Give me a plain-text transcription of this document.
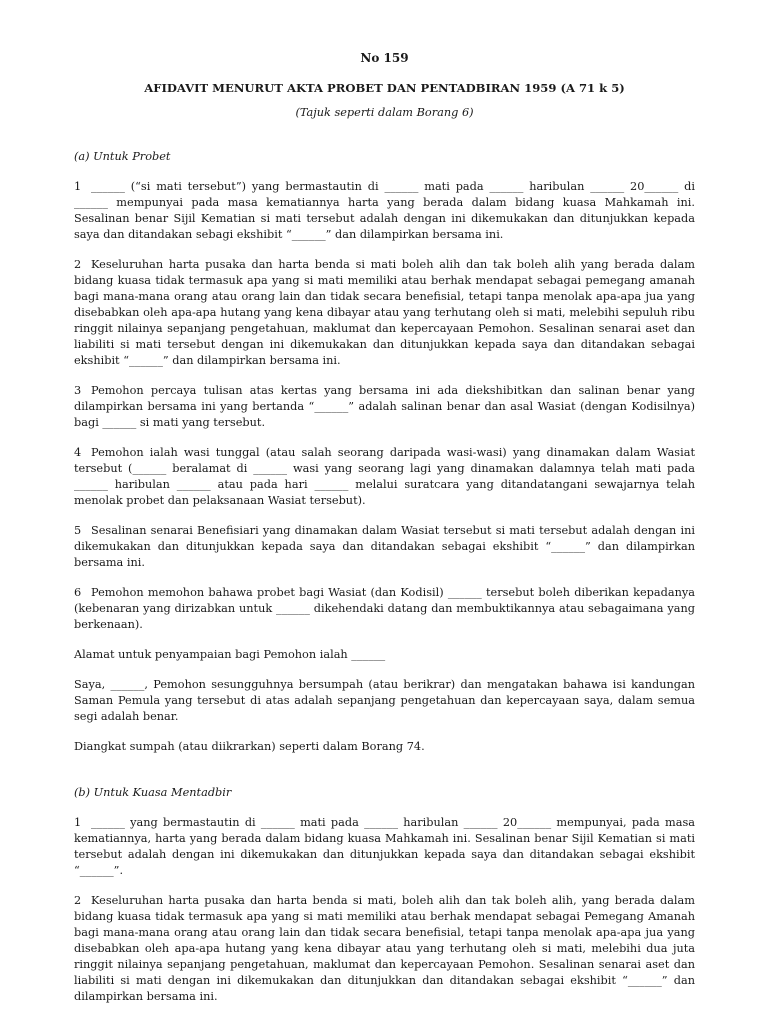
No 159

AFIDAVIT MENURUT AKTA PROBET DAN PENTADBIRAN 1959 (A 71 k 5)

(Tajuk seperti dalam Borang 6)

(a) Untuk Probet

1 ______ (“si mati tersebut”) yang bermastautin di ______ mati pada ______ haribulan ______ 20______ di ______ mempunyai pada masa kematiannya harta yang berada dalam bidang kuasa Mahkamah ini. Sesalinan benar Sijil Kematian si mati tersebut adalah dengan ini dikemukakan dan ditunjukkan kepada saya dan ditandakan sebagi ekshibit “______” dan dilampirkan bersama ini.

2 Keseluruhan harta pusaka dan harta benda si mati boleh alih dan tak boleh alih yang berada dalam bidang kuasa tidak termasuk apa yang si mati memiliki atau berhak mendapat sebagai pemegang amanah bagi mana-mana orang atau orang lain dan tidak secara benefisial, tetapi tanpa menolak apa-apa jua yang disebabkan oleh apa-apa hutang yang kena dibayar atau yang terhutang oleh si mati, melebihi sepuluh ribu ringgit nilainya sepanjang pengetahuan, maklumat dan kepercayaan Pemohon. Sesalinan senarai aset dan liabiliti si mati tersebut dengan ini dikemukakan dan ditunjukkan kepada saya dan ditandakan sebagai ekshibit “______” dan dilampirkan bersama ini.

3 Pemohon percaya tulisan atas kertas yang bersama ini ada diekshibitkan dan salinan benar yang dilampirkan bersama ini yang bertanda “______” adalah salinan benar dan asal Wasiat (dengan Kodisilnya) bagi ______ si mati yang tersebut.

4 Pemohon ialah wasi tunggal (atau salah seorang daripada wasi-wasi) yang dinamakan dalam Wasiat tersebut (______ beralamat di ______ wasi yang seorang lagi yang dinamakan dalamnya telah mati pada ______ haribulan ______ atau pada hari ______ melalui suratcara yang ditandatangani sewajarnya telah menolak probet dan pelaksanaan Wasiat tersebut).

5 Sesalinan senarai Benefisiari yang dinamakan dalam Wasiat tersebut si mati tersebut adalah dengan ini dikemukakan dan ditunjukkan kepada saya dan ditandakan sebagai ekshibit “______” dan dilampirkan bersama ini.

6 Pemohon memohon bahawa probet bagi Wasiat (dan Kodisil) ______ tersebut boleh diberikan kepadanya (kebenaran yang dirizabkan untuk ______ dikehendaki datang dan membuktikannya atau sebagaimana yang berkenaan).

Alamat untuk penyampaian bagi Pemohon ialah ______

Saya, ______, Pemohon sesungguhnya bersumpah (atau berikrar) dan mengatakan bahawa isi kandungan Saman Pemula yang tersebut di atas adalah sepanjang pengetahuan dan kepercayaan saya, dalam semua segi adalah benar.

Diangkat sumpah (atau diikrarkan) seperti dalam Borang 74.

(b) Untuk Kuasa Mentadbir

1 ______ yang bermastautin di ______ mati pada ______ haribulan ______ 20______ mempunyai, pada masa kematiannya, harta yang berada dalam bidang kuasa Mahkamah ini. Sesalinan benar Sijil Kematian si mati tersebut adalah dengan ini dikemukakan dan ditunjukkan kepada saya dan ditandakan sebagai ekshibit “______”.

2 Keseluruhan harta pusaka dan harta benda si mati, boleh alih dan tak boleh alih, yang berada dalam bidang kuasa tidak termasuk apa yang si mati memiliki atau berhak mendapat sebagai Pemegang Amanah bagi mana-mana orang atau orang lain dan tidak secara benefisial, tetapi tanpa menolak apa-apa jua yang disebabkan oleh apa-apa hutang yang kena dibayar atau yang terhutang oleh si mati, melebihi dua juta ringgit nilainya sepanjang pengetahuan, maklumat dan kepercayaan Pemohon. Sesalinan senarai aset dan liabiliti si mati dengan ini dikemukakan dan ditunjukkan dan ditandakan sebagai ekshibit “______” dan dilampirkan bersama ini.
